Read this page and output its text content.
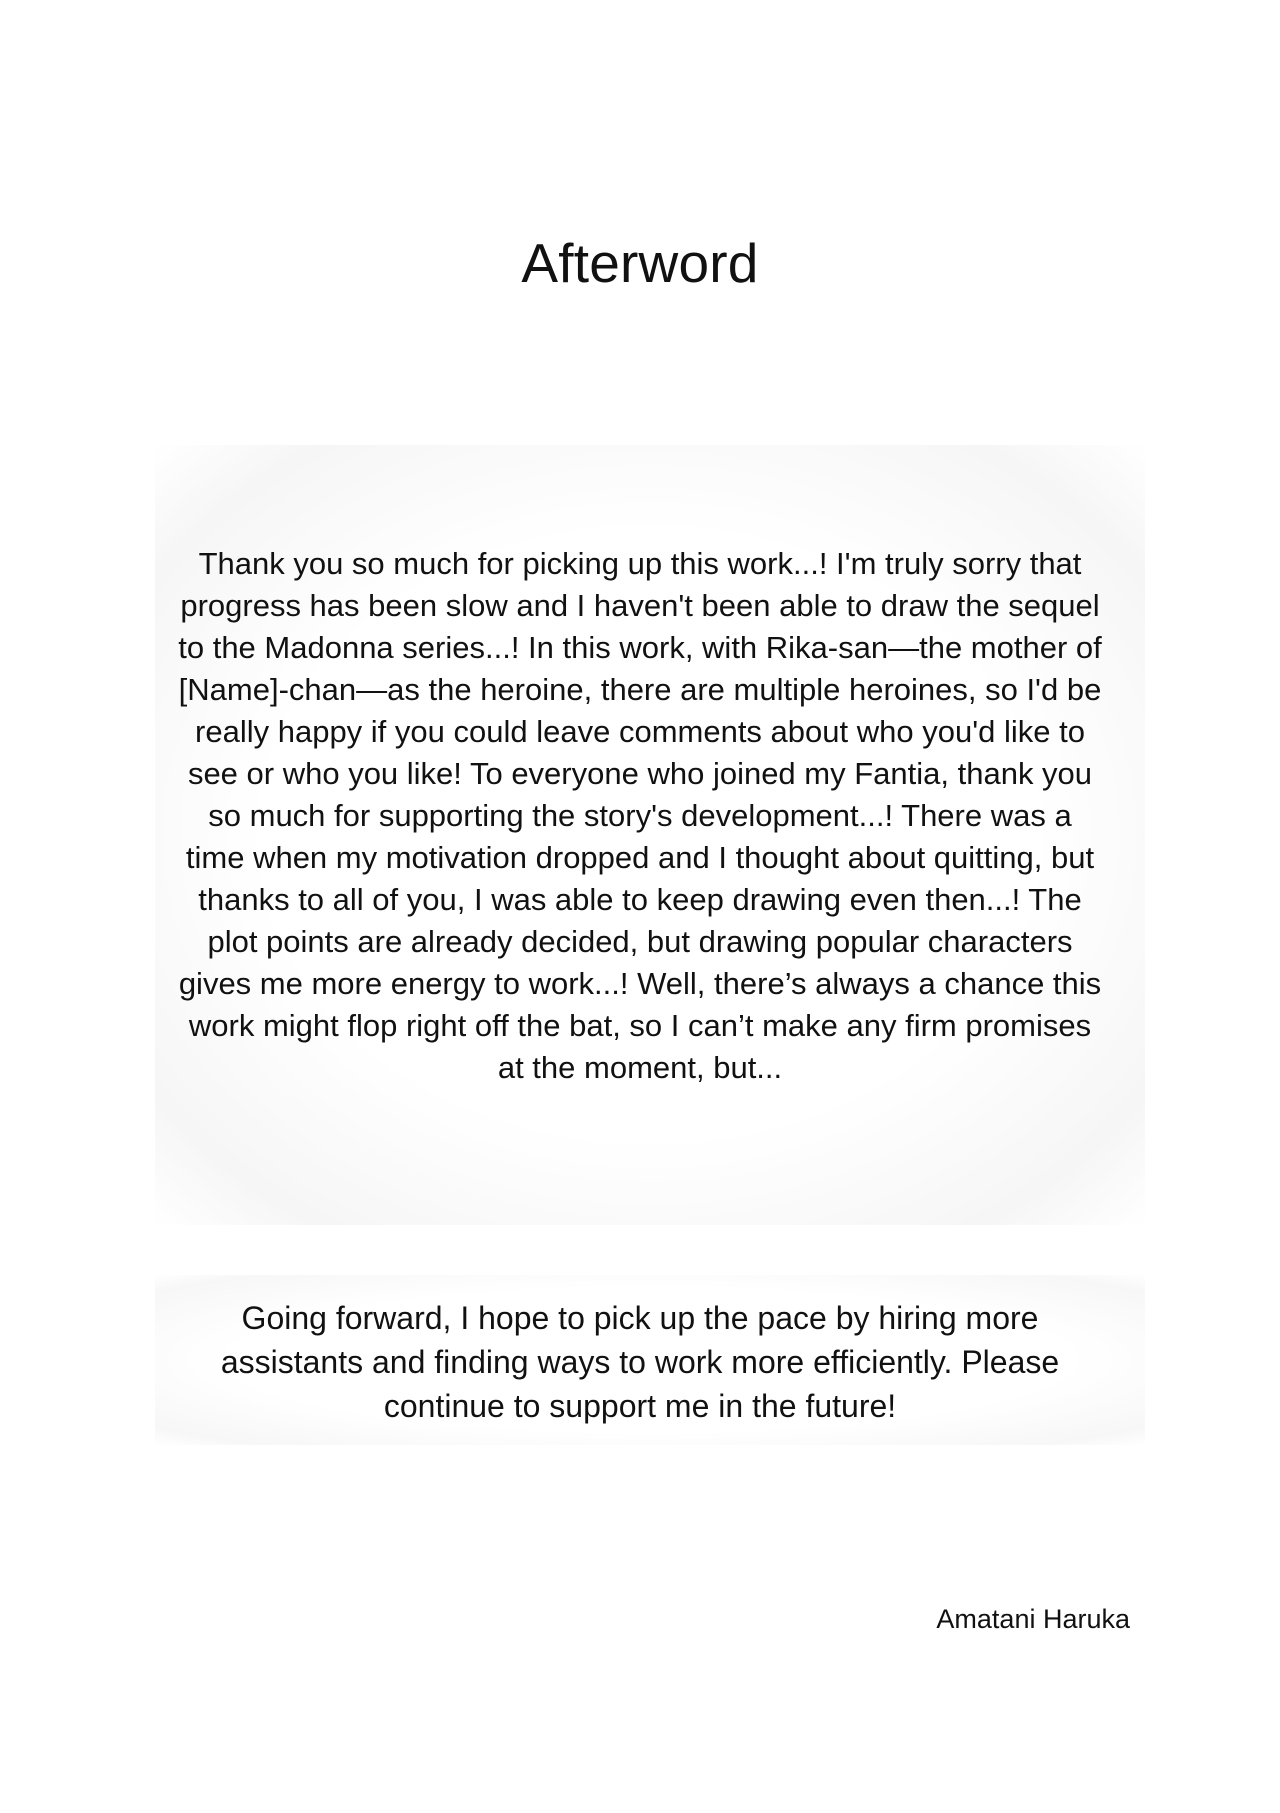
Afterword

Thank you so much for picking up this work...! I'm truly sorry that progress has been slow and I haven't been able to draw the sequel to the Madonna series...! In this work, with Rika-san—the mother of [Name]-chan—as the heroine, there are multiple heroines, so I'd be really happy if you could leave comments about who you'd like to see or who you like! To everyone who joined my Fantia, thank you so much for supporting the story's development...! There was a time when my motivation dropped and I thought about quitting, but thanks to all of you, I was able to keep drawing even then...! The plot points are already decided, but drawing popular characters gives me more energy to work...! Well, there’s always a chance this work might flop right off the bat, so I can’t make any firm promises at the moment, but...

Going forward, I hope to pick up the pace by hiring more assistants and finding ways to work more efficiently. Please continue to support me in the future!

Amatani Haruka
